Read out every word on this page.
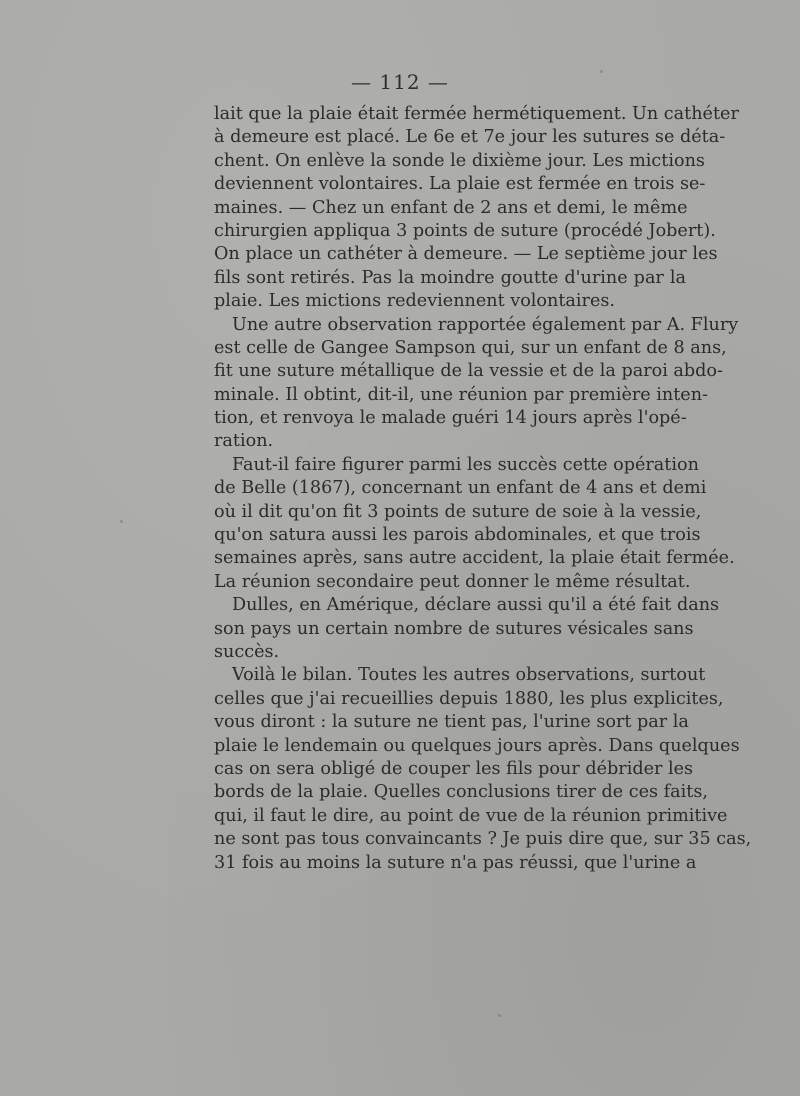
— 112 —
lait que la plaie était fermée hermétiquement. Un cathéter
à demeure est placé. Le 6e et 7e jour les sutures se déta-
chent. On enlève la sonde le dixième jour. Les mictions
deviennent volontaires. La plaie est fermée en trois se-
maines. — Chez un enfant de 2 ans et demi, le même
chirurgien appliqua 3 points de suture (procédé Jobert).
On place un cathéter à demeure. — Le septième jour les
fils sont retirés. Pas la moindre goutte d'urine par la
plaie. Les mictions redeviennent volontaires.
Une autre observation rapportée également par A. Flury
est celle de Gangee Sampson qui, sur un enfant de 8 ans,
fit une suture métallique de la vessie et de la paroi abdo-
minale. Il obtint, dit-il, une réunion par première inten-
tion, et renvoya le malade guéri 14 jours après l'opé-
ration.
Faut-il faire figurer parmi les succès cette opération
de Belle (1867), concernant un enfant de 4 ans et demi
où il dit qu'on fit 3 points de suture de soie à la vessie,
qu'on satura aussi les parois abdominales, et que trois
semaines après, sans autre accident, la plaie était fermée.
La réunion secondaire peut donner le même résultat.
Dulles, en Amérique, déclare aussi qu'il a été fait dans
son pays un certain nombre de sutures vésicales sans
succès.
Voilà le bilan. Toutes les autres observations, surtout
celles que j'ai recueillies depuis 1880, les plus explicites,
vous diront : la suture ne tient pas, l'urine sort par la
plaie le lendemain ou quelques jours après. Dans quelques
cas on sera obligé de couper les fils pour débrider les
bords de la plaie. Quelles conclusions tirer de ces faits,
qui, il faut le dire, au point de vue de la réunion primitive
ne sont pas tous convaincants ? Je puis dire que, sur 35 cas,
31 fois au moins la suture n'a pas réussi, que l'urine a
